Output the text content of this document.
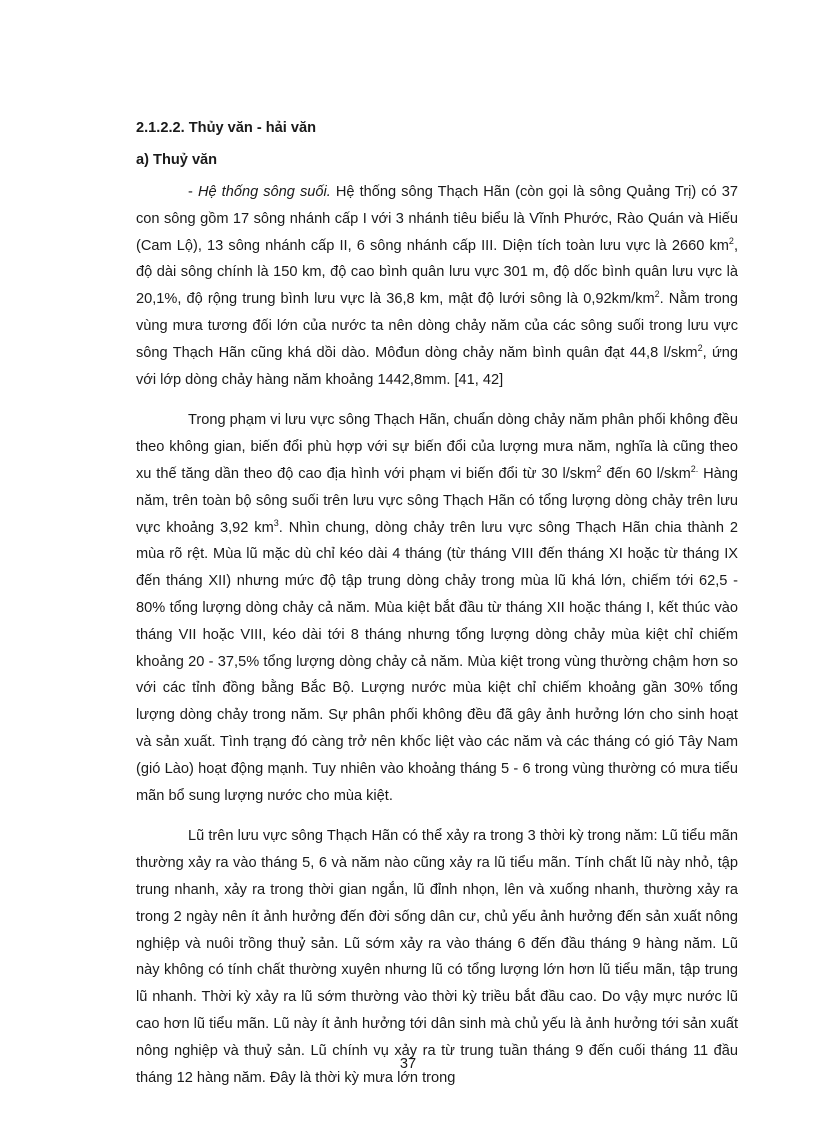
2.1.2.2. Thủy văn - hải văn
a) Thuỷ văn

- Hệ thống sông suối. Hệ thống sông Thạch Hãn (còn gọi là sông Quảng Trị) có 37 con sông gồm 17 sông nhánh cấp I với 3 nhánh tiêu biểu là Vĩnh Phước, Rào Quán và Hiếu (Cam Lộ), 13 sông nhánh cấp II, 6 sông nhánh cấp III. Diện tích toàn lưu vực là 2660 $km^2$, độ dài sông chính là 150 km, độ cao bình quân lưu vực 301 m, độ dốc bình quân lưu vực là 20,1%, độ rộng trung bình lưu vực là 36,8 km, mật độ lưới sông là $0,92km/km^2$. Nằm trong vùng mưa tương đối lớn của nước ta nên dòng chảy năm của các sông suối trong lưu vực sông Thạch Hãn cũng khá dồi dào. Môđun dòng chảy năm bình quân đạt 44,8 l/skm$^2$, ứng với lớp dòng chảy hàng năm khoảng 1442,8mm. [41, 42]

Trong phạm vi lưu vực sông Thạch Hãn, chuẩn dòng chảy năm phân phối không đều theo không gian, biến đổi phù hợp với sự biến đổi của lượng mưa năm, nghĩa là cũng theo xu thế tăng dần theo độ cao địa hình với phạm vi biến đổi từ 30 l/skm$^2$ đến 60 l/skm$^{2.}$ Hàng năm, trên toàn bộ sông suối trên lưu vực sông Thạch Hãn có tổng lượng dòng chảy trên lưu vực khoảng 3,92 $km^3$. Nhìn chung, dòng chảy trên lưu vực sông Thạch Hãn chia thành 2 mùa rõ rệt. Mùa lũ mặc dù chỉ kéo dài 4 tháng (từ tháng VIII đến tháng XI hoặc từ tháng IX đến tháng XII) nhưng mức độ tập trung dòng chảy trong mùa lũ khá lớn, chiếm tới 62,5 - 80% tổng lượng dòng chảy cả năm. Mùa kiệt bắt đầu từ tháng XII hoặc tháng I, kết thúc vào tháng VII hoặc VIII, kéo dài tới 8 tháng nhưng tổng lượng dòng chảy mùa kiệt chỉ chiếm khoảng 20 - 37,5% tổng lượng dòng chảy cả năm. Mùa kiệt trong vùng thường chậm hơn so với các tỉnh đồng bằng Bắc Bộ. Lượng nước mùa kiệt chỉ chiếm khoảng gần 30% tổng lượng dòng chảy trong năm. Sự phân phối không đều đã gây ảnh hưởng lớn cho sinh hoạt và sản xuất. Tình trạng đó càng trở nên khốc liệt vào các năm và các tháng có gió Tây Nam (gió Lào) hoạt động mạnh. Tuy nhiên vào khoảng tháng 5 - 6 trong vùng thường có mưa tiểu mãn bổ sung lượng nước cho mùa kiệt.

Lũ trên lưu vực sông Thạch Hãn có thể xảy ra trong 3 thời kỳ trong năm: Lũ tiểu mãn thường xảy ra vào tháng 5, 6 và năm nào cũng xảy ra lũ tiểu mãn. Tính chất lũ này nhỏ, tập trung nhanh, xảy ra trong thời gian ngắn, lũ đỉnh nhọn, lên và xuống nhanh, thường xảy ra trong 2 ngày nên ít ảnh hưởng đến đời sống dân cư, chủ yếu ảnh hưởng đến sản xuất nông nghiệp và nuôi trồng thuỷ sản. Lũ sớm xảy ra vào tháng 6 đến đầu tháng 9 hàng năm. Lũ này không có tính chất thường xuyên nhưng lũ có tổng lượng lớn hơn lũ tiểu mãn, tập trung lũ nhanh. Thời kỳ xảy ra lũ sớm thường vào thời kỳ triều bắt đầu cao. Do vậy mực nước lũ cao hơn lũ tiểu mãn. Lũ này ít ảnh hưởng tới dân sinh mà chủ yếu là ảnh hưởng tới sản xuất nông nghiệp và thuỷ sản. Lũ chính vụ xảy ra từ trung tuần tháng 9 đến cuối tháng 11 đầu tháng 12 hàng năm. Đây là thời kỳ mưa lớn trong

37
